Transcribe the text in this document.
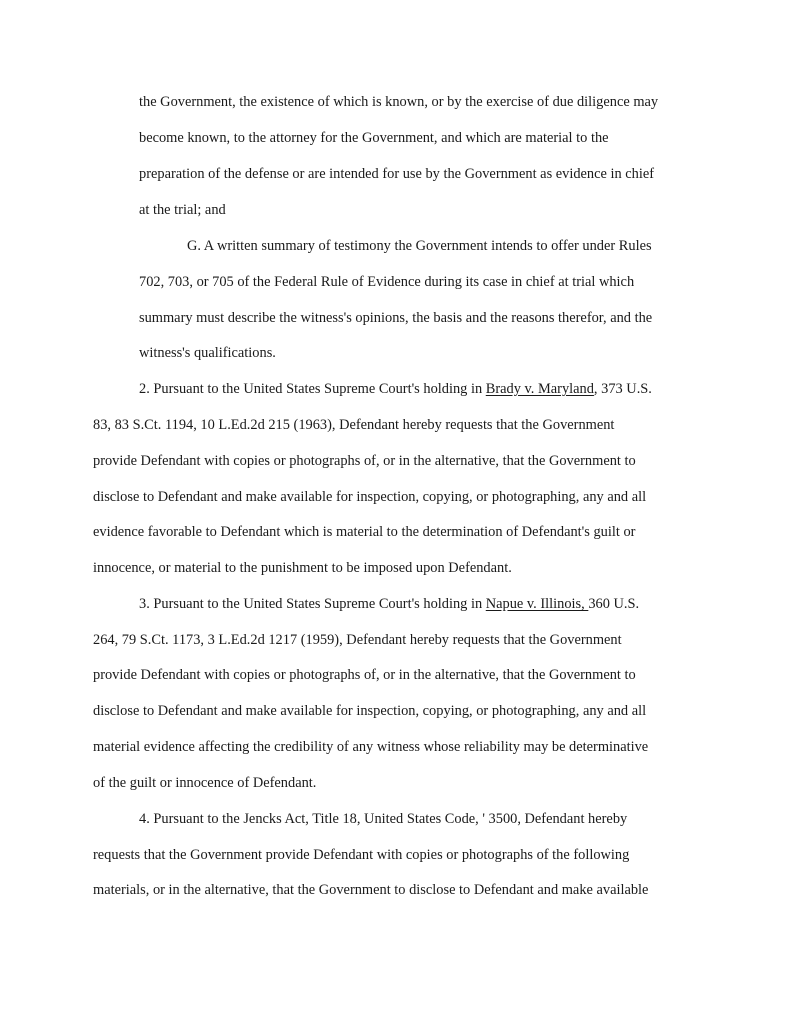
the Government, the existence of which is known, or by the exercise of due diligence may
become known, to the attorney for the Government, and which are material to the
preparation of the defense or are intended for use by the Government as evidence in chief
at the trial; and
G. A written summary of testimony the Government intends to offer under Rules
702, 703, or 705 of the Federal Rule of Evidence during its case in chief at trial which
summary must describe the witness's opinions, the basis and the reasons therefor, and the
witness's qualifications.
2. Pursuant to the United States Supreme Court's holding in Brady v. Maryland, 373 U.S.
83, 83 S.Ct. 1194, 10 L.Ed.2d 215 (1963), Defendant hereby requests that the Government
provide Defendant with copies or photographs of, or in the alternative, that the Government to
disclose to Defendant and make available for inspection, copying, or photographing, any and all
evidence favorable to Defendant which is material to the determination of Defendant's guilt or
innocence, or material to the punishment to be imposed upon Defendant.
3. Pursuant to the United States Supreme Court's holding in Napue v. Illinois, 360 U.S.
264, 79 S.Ct. 1173, 3 L.Ed.2d 1217 (1959), Defendant hereby requests that the Government
provide Defendant with copies or photographs of, or in the alternative, that the Government to
disclose to Defendant and make available for inspection, copying, or photographing, any and all
material evidence affecting the credibility of any witness whose reliability may be determinative
of the guilt or innocence of Defendant.
4. Pursuant to the Jencks Act, Title 18, United States Code, ' 3500, Defendant hereby
requests that the Government provide Defendant with copies or photographs of the following
materials, or in the alternative, that the Government to disclose to Defendant and make available
